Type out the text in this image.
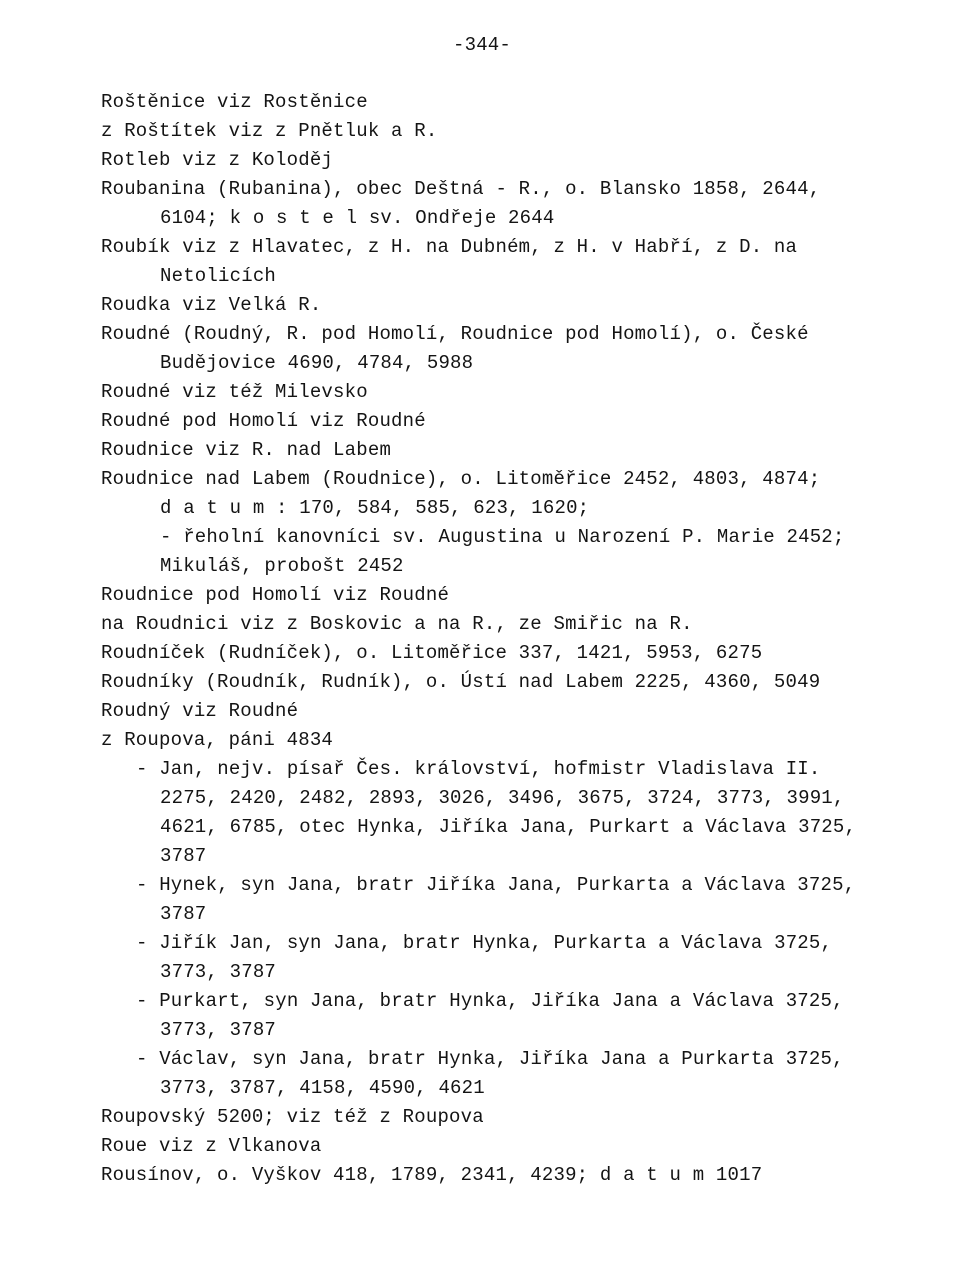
-344-
Roštěnice viz Rostěnice
z Roštítek viz z Pnětluk a R.
Rotleb viz z Koloděj
Roubanina (Rubanina), obec Deštná - R., o. Blansko 1858, 2644,
6104; k o s t e l sv. Ondřeje 2644
Roubík viz z Hlavatec, z H. na Dubném, z H. v Habří, z D. na
Netolicích
Roudka viz Velká R.
Roudné (Roudný, R. pod Homolí, Roudnice pod Homolí), o. České
Budějovice 4690, 4784, 5988
Roudné viz též Milevsko
Roudné pod Homolí viz Roudné
Roudnice viz R. nad Labem
Roudnice nad Labem (Roudnice), o. Litoměřice 2452, 4803, 4874;
d a t u m : 170, 584, 585, 623, 1620;
- řeholní kanovníci sv. Augustina u Narození P. Marie 2452;
Mikuláš, probošt 2452
Roudnice pod Homolí viz Roudné
na Roudnici viz z Boskovic a na R., ze Smiřic na R.
Roudníček (Rudníček), o. Litoměřice 337, 1421, 5953, 6275
Roudníky (Roudník, Rudník), o. Ústí nad Labem 2225, 4360, 5049
Roudný viz Roudné
z Roupova, páni 4834
- Jan, nejv. písař Čes. království, hofmistr Vladislava II.
2275, 2420, 2482, 2893, 3026, 3496, 3675, 3724, 3773, 3991,
4621, 6785, otec Hynka, Jiříka Jana, Purkart a Václava 3725,
3787
- Hynek, syn Jana, bratr Jiříka Jana, Purkarta a Václava 3725,
3787
- Jiřík Jan, syn Jana, bratr Hynka, Purkarta a Václava 3725,
3773, 3787
- Purkart, syn Jana, bratr Hynka, Jiříka Jana a Václava 3725,
3773, 3787
- Václav, syn Jana, bratr Hynka, Jiříka Jana a Purkarta 3725,
3773, 3787, 4158, 4590, 4621
Roupovský 5200; viz též z Roupova
Roue viz z Vlkanova
Rousínov, o. Vyškov 418, 1789, 2341, 4239; d a t u m 1017
